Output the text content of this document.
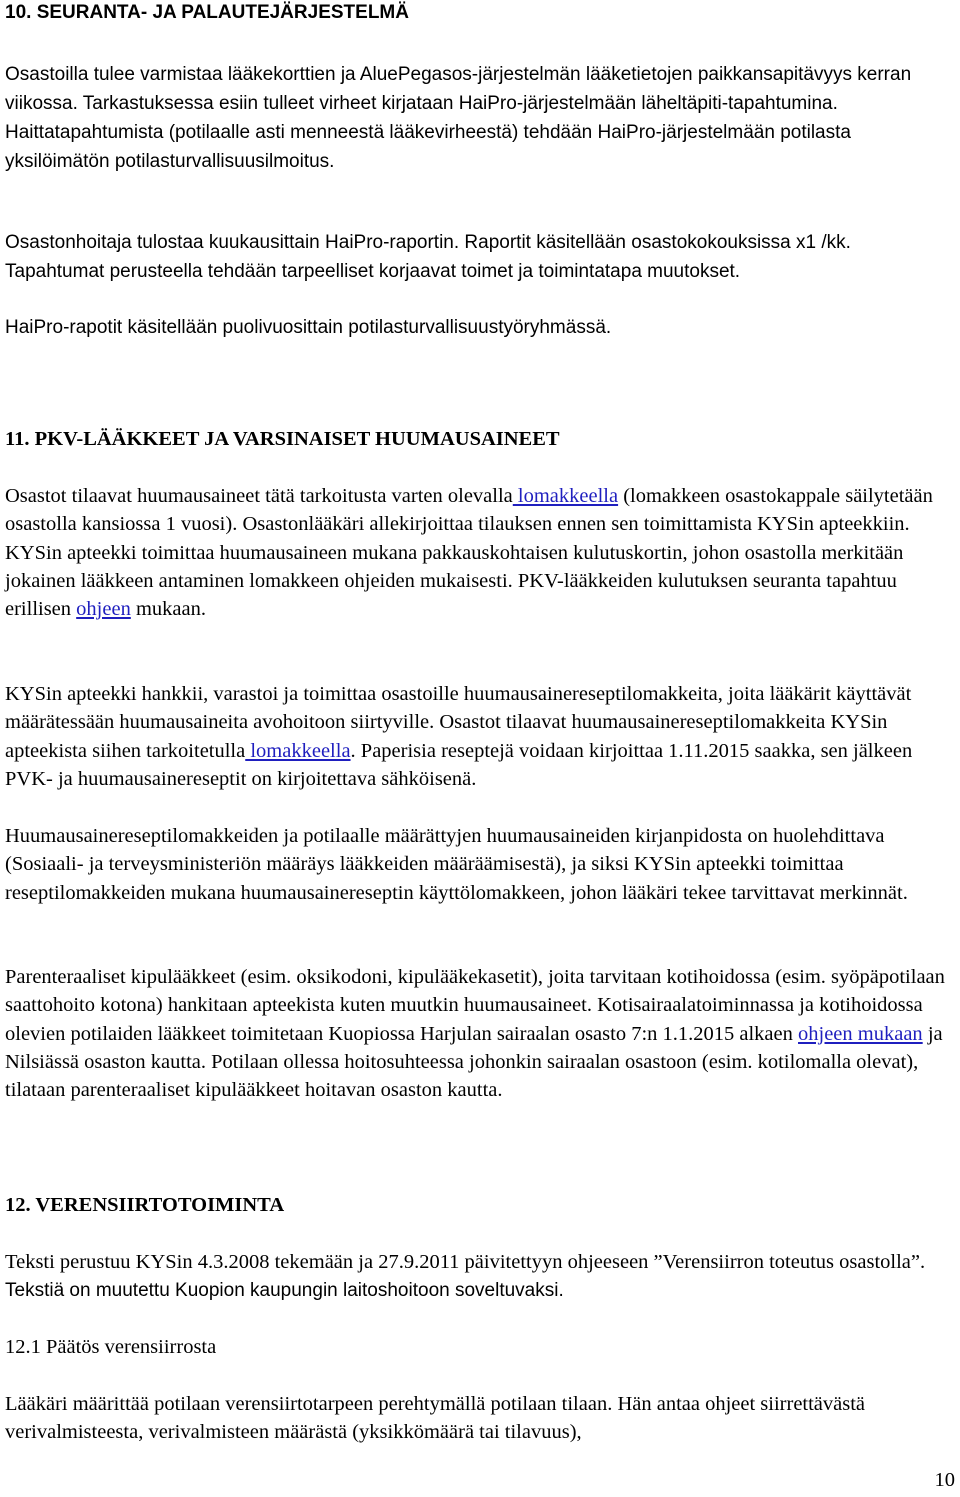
10. SEURANTA- JA PALAUTEJÄRJESTELMÄ

Osastoilla tulee varmistaa lääkekorttien ja AluePegasos-järjestelmän lääketietojen paikkansapitävyys kerran viikossa. Tarkastuksessa esiin tulleet virheet kirjataan HaiPro-järjestelmään läheltäpiti-tapahtumina. Haittatapahtumista (potilaalle asti menneestä lääkevirheestä) tehdään HaiPro-järjestelmään potilasta yksilöimätön potilasturvallisuusilmoitus.

Osastonhoitaja tulostaa kuukausittain HaiPro-raportin. Raportit käsitellään osastokokouksissa x1 /kk. Tapahtumat perusteella tehdään tarpeelliset korjaavat toimet ja toimintatapa muutokset.

HaiPro-rapotit käsitellään puolivuosittain potilasturvallisuustyöryhmässä.

11. PKV-LÄÄKKEET JA VARSINAISET HUUMAUSAINEET

Osastot tilaavat huumausaineet tätä tarkoitusta varten olevalla lomakkeella (lomakkeen osastokappale säilytetään osastolla kansiossa 1 vuosi). Osastonlääkäri allekirjoittaa tilauksen ennen sen toimittamista KYSin apteekkiin. KYSin apteekki toimittaa huumausaineen mukana pakkauskohtaisen kulutuskortin, johon osastolla merkitään jokainen lääkkeen antaminen lomakkeen ohjeiden mukaisesti. PKV-lääkkeiden kulutuksen seuranta tapahtuu erillisen ohjeen mukaan.

KYSin apteekki hankkii, varastoi ja toimittaa osastoille huumausainereseptilomakkeita, joita lääkärit käyttävät määrätessään huumausaineita avohoitoon siirtyville. Osastot tilaavat huumausainereseptilomakkeita KYSin apteekista siihen tarkoitetulla lomakkeella. Paperisia reseptejä voidaan kirjoittaa 1.11.2015 saakka, sen jälkeen PVK- ja huumausainereseptit on kirjoitettava sähköisenä.

Huumausainereseptilomakkeiden ja potilaalle määrättyjen huumausaineiden kirjanpidosta on huolehdittava (Sosiaali- ja terveysministeriön määräys lääkkeiden määräämisestä), ja siksi KYSin apteekki toimittaa reseptilomakkeiden mukana huumausainereseptin käyttölomakkeen, johon lääkäri tekee tarvittavat merkinnät.

Parenteraaliset kipulääkkeet (esim. oksikodoni, kipulääkekasetit), joita tarvitaan kotihoidossa (esim. syöpäpotilaan saattohoito kotona) hankitaan apteekista kuten muutkin huumausaineet. Kotisairaalatoiminnassa ja kotihoidossa olevien potilaiden lääkkeet toimitetaan Kuopiossa Harjulan sairaalan osasto 7:n 1.1.2015 alkaen ohjeen mukaan ja Nilsiässä osaston kautta. Potilaan ollessa hoitosuhteessa johonkin sairaalan osastoon (esim. kotilomalla olevat), tilataan parenteraaliset kipulääkkeet hoitavan osaston kautta.

12. VERENSIIRTOTOIMINTA

Teksti perustuu KYSin 4.3.2008 tekemään ja 27.9.2011 päivitettyyn ohjeeseen ”Verensiirron toteutus osastolla”. Tekstiä on muutettu Kuopion kaupungin laitoshoitoon soveltuvaksi.

12.1 Päätös verensiirrosta

Lääkäri määrittää potilaan verensiirtotarpeen perehtymällä potilaan tilaan. Hän antaa ohjeet siirrettävästä verivalmisteesta, verivalmisteen määrästä (yksikkömäärä tai tilavuus),

10
